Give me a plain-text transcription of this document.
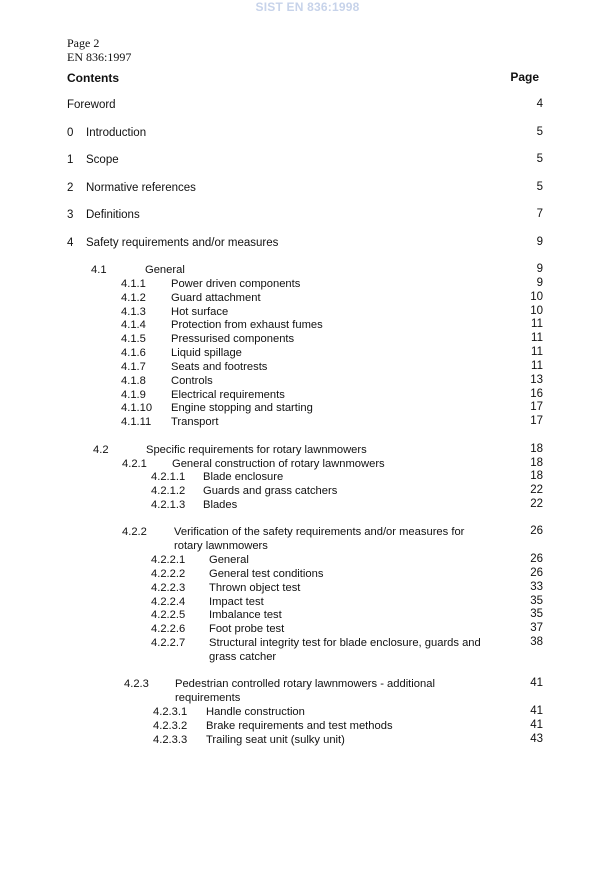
SIST EN 836:1998
Page 2
EN 836:1997
Contents	Page
Foreword	4
0 Introduction	5
1 Scope	5
2 Normative references	5
3 Definitions	7
4 Safety requirements and/or measures	9
4.1	General	9
4.1.1 Power driven components	9
4.1.2 Guard attachment	10
4.1.3 Hot surface	10
4.1.4 Protection from exhaust fumes	11
4.1.5 Pressurised components	11
4.1.6 Liquid spillage	11
4.1.7 Seats and footrests	11
4.1.8 Controls	13
4.1.9 Electrical requirements	16
4.1.10 Engine stopping and starting	17
4.1.11 Transport	17
4.2	Specific requirements for rotary lawnmowers	18
4.2.1 General construction of rotary lawnmowers	18
4.2.1.1 Blade enclosure	18
4.2.1.2 Guards and grass catchers	22
4.2.1.3 Blades	22
4.2.2 Verification of the safety requirements and/or measures for
rotary lawnmowers
26
4.2.2.1 General	26
4.2.2.2 General test conditions	26
4.2.2.3 Thrown object test	33
4.2.2.4 Impact test	35
4.2.2.5 Imbalance test	35
4.2.2.6 Foot probe test	37
4.2.2.7 Structural integrity test for blade enclosure, guards and
grass catcher
38
4.2.3 Pedestrian controlled rotary lawnmowers - additional
requirements
41
4.2.3.1 Handle construction	41
4.2.3.2 Brake requirements and test methods	41
4.2.3.3 Trailing seat unit (sulky unit)	43
